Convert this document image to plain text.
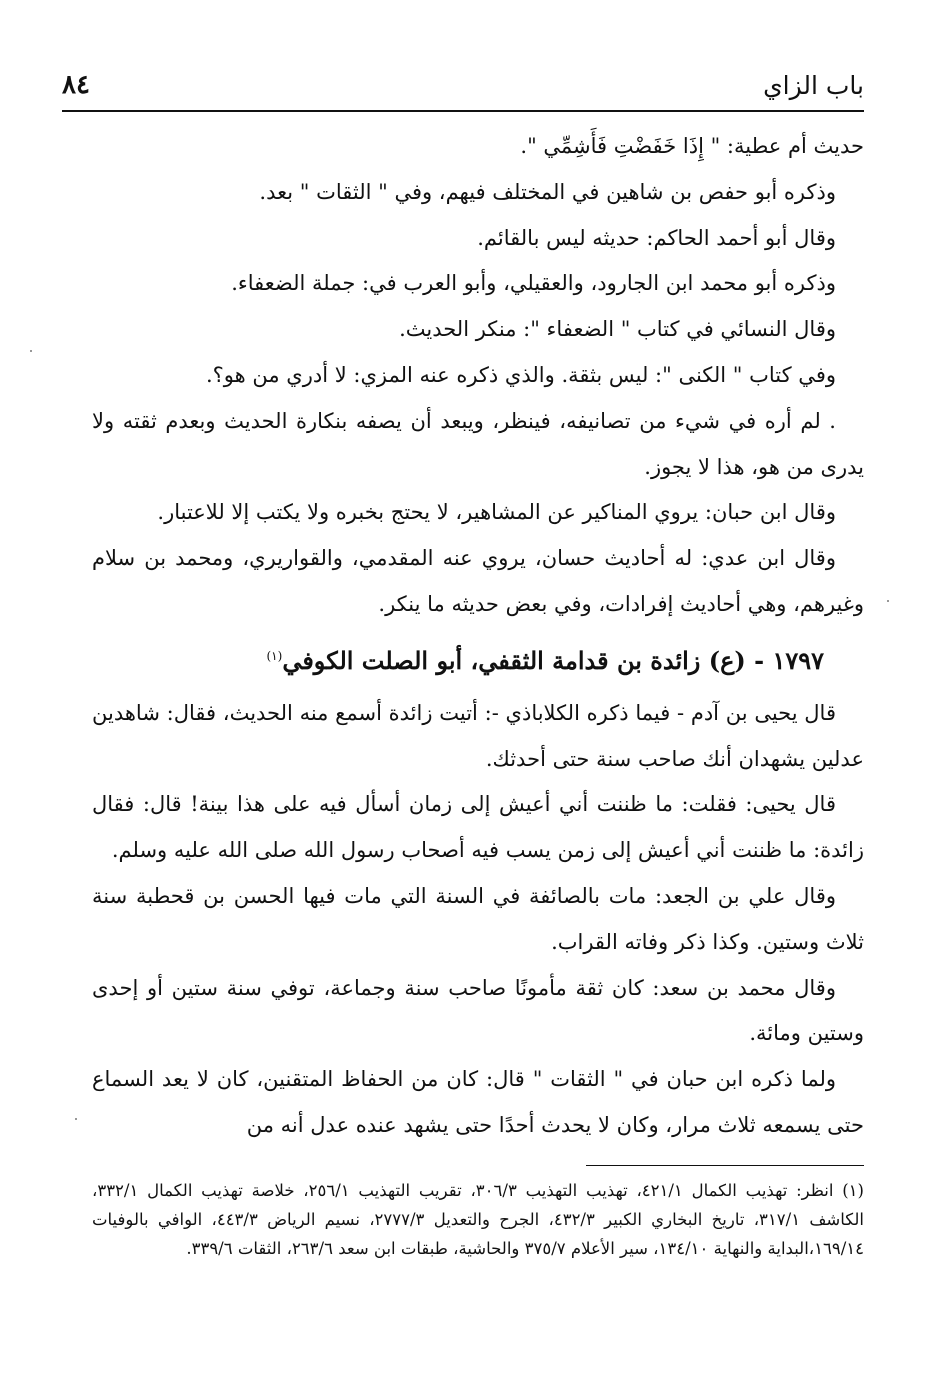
باب الزاي
٨٤

حديث أم عطية: " إِذَا خَفَضْتِ فَأَشِمِّي ".

وذكره أبو حفص بن شاهين في المختلف فيهم، وفي " الثقات " بعد.

وقال أبو أحمد الحاكم: حديثه ليس بالقائم.

وذكره أبو محمد ابن الجارود، والعقيلي، وأبو العرب في: جملة الضعفاء.

وقال النسائي في كتاب " الضعفاء ": منكر الحديث.

وفي كتاب " الكنى ": ليس بثقة. والذي ذكره عنه المزي: لا أدري من هو؟.

. لم أره في شيء من تصانيفه، فينظر، ويبعد أن يصفه بنكارة الحديث وبعدم ثقته ولا يدرى من هو، هذا لا يجوز.

وقال ابن حبان: يروي المناكير عن المشاهير، لا يحتج بخبره ولا يكتب إلا للاعتبار.

وقال ابن عدي: له أحاديث حسان، يروي عنه المقدمي، والقواريري، ومحمد بن سلام وغيرهم، وهي أحاديث إفرادات، وفي بعض حديثه ما ينكر.

١٧٩٧ - (ع) زائدة بن قدامة الثقفي، أبو الصلت الكوفي$^{(١)}$

قال يحيى بن آدم - فيما ذكره الكلاباذي -: أتيت زائدة أسمع منه الحديث، فقال: شاهدين عدلين يشهدان أنك صاحب سنة حتى أحدثك.

قال يحيى: فقلت: ما ظننت أني أعيش إلى زمان أسأل فيه على هذا بينة! قال: فقال زائدة: ما ظننت أني أعيش إلى زمن يسب فيه أصحاب رسول الله صلى الله عليه وسلم.

وقال علي بن الجعد: مات بالصائفة في السنة التي مات فيها الحسن بن قحطبة سنة ثلاث وستين. وكذا ذكر وفاته القراب.

وقال محمد بن سعد: كان ثقة مأمونًا صاحب سنة وجماعة، توفي سنة ستين أو إحدى وستين ومائة.

ولما ذكره ابن حبان في " الثقات " قال: كان من الحفاظ المتقنين، كان لا يعد السماع حتى يسمعه ثلاث مرار، وكان لا يحدث أحدًا حتى يشهد عنده عدل أنه من

(١) انظر: تهذيب الكمال ٤٢١/١، تهذيب التهذيب ٣٠٦/٣، تقريب التهذيب ٢٥٦/١، خلاصة تهذيب الكمال ٣٣٢/١، الكاشف ٣١٧/١، تاريخ البخاري الكبير ٤٣٢/٣، الجرح والتعديل ٢٧٧٧/٣، نسيم الرياض ٤٤٣/٣، الوافي بالوفيات ١٦٩/١٤،البداية والنهاية ١٣٤/١٠، سير الأعلام ٣٧٥/٧ والحاشية، طبقات ابن سعد ٢٦٣/٦، الثقات ٣٣٩/٦.
